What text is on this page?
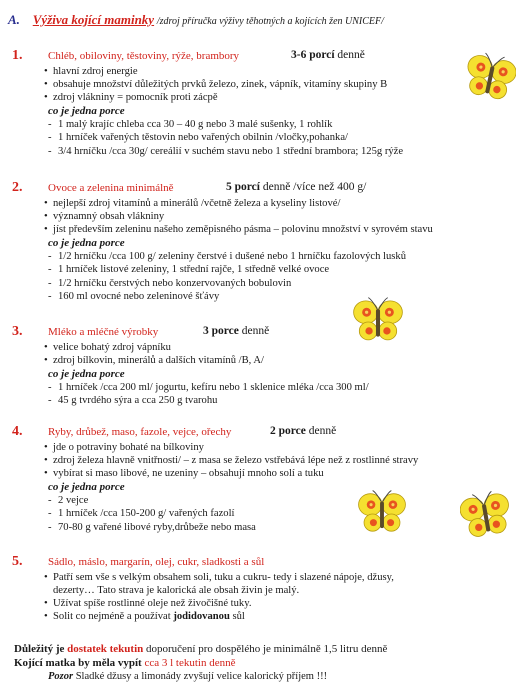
A. Výživa kojící maminky /zdroj příručka výživy těhotných a kojících žen UNICEF/
1. Chléb, obiloviny, těstoviny, rýže, brambory	3-6 porcí denně
• hlavní zdroj energie
• obsahuje množství důležitých prvků železo, zinek, vápník, vitamíny skupiny B
• zdroj vlákniny = pomocník proti zácpě
co je jedna porce
- 1 malý krajíc chleba cca 30 – 40 g nebo 3 malé sušenky, 1 rohlík
- 1 hrníček vařených těstovin nebo vařených obilnin /vločky,pohanka/
- 3/4 hrníčku /cca 30g/ cereálií v suchém stavu nebo 1 střední brambora; 125g rýže
2. Ovoce a zelenina minimálně	5 porcí denně /více než 400 g/
• nejlepší zdroj vitamínů a minerálů /včetně železa a kyseliny listové/
• významný obsah vlákniny
• jíst především zeleninu našeho zeměpisného pásma – polovinu množství v syrovém stavu
co je jedna porce
- 1/2 hrníčku /cca 100 g/ zeleniny čerstvé i dušené nebo 1 hrníčku fazolových lusků
- 1 hrníček listové zeleniny, 1 střední rajče, 1 středně velké ovoce
- 1/2 hrníčku čerstvých nebo konzervovaných bobulovin
- 160 ml ovocné nebo zeleninové šťávy
3. Mléko a mléčné výrobky	3 porce denně
• velice bohatý zdroj vápníku
• zdroj bílkovin, minerálů a dalších vitamínů /B, A/
co je jedna porce
- 1 hrníček /cca 200 ml/ jogurtu, kefíru nebo 1 sklenice mléka /cca 300 ml/
- 45 g tvrdého sýra a cca 250 g tvarohu
4. Ryby, drůbež, maso, fazole, vejce, ořechy	2 porce denně
• jde o potraviny bohaté na bílkoviny
• zdroj železa hlavně vnitřnosti/ – z masa se železo vstřebává lépe než z rostlinné stravy
• vybírat si maso libové, ne uzeniny – obsahují mnoho solí a tuku
co je jedna porce
- 2 vejce
- 1 hrníček /cca 150-200 g/ vařených fazolí
- 70-80 g vařené libové ryby,drůbeže nebo masa
5. Sádlo, máslo, margarín, olej, cukr, sladkosti a sůl
• Patří sem vše s velkým obsahem soli, tuku a cukru- tedy i slazené nápoje, džusy,
dezerty… Tato strava je kalorická ale obsah živin je malý.
• Užívat spíše rostlinné oleje než živočišné tuky.
• Solit co nejméně a používat jodidovanou sůl
Důležitý je dostatek tekutin doporučení pro dospělého je minimálně 1,5 litru denně
Kojící matka by měla vypít cca 3 l tekutin denně
Pozor Sladké džusy a limonády zvyšují velice kalorický příjem !!!
